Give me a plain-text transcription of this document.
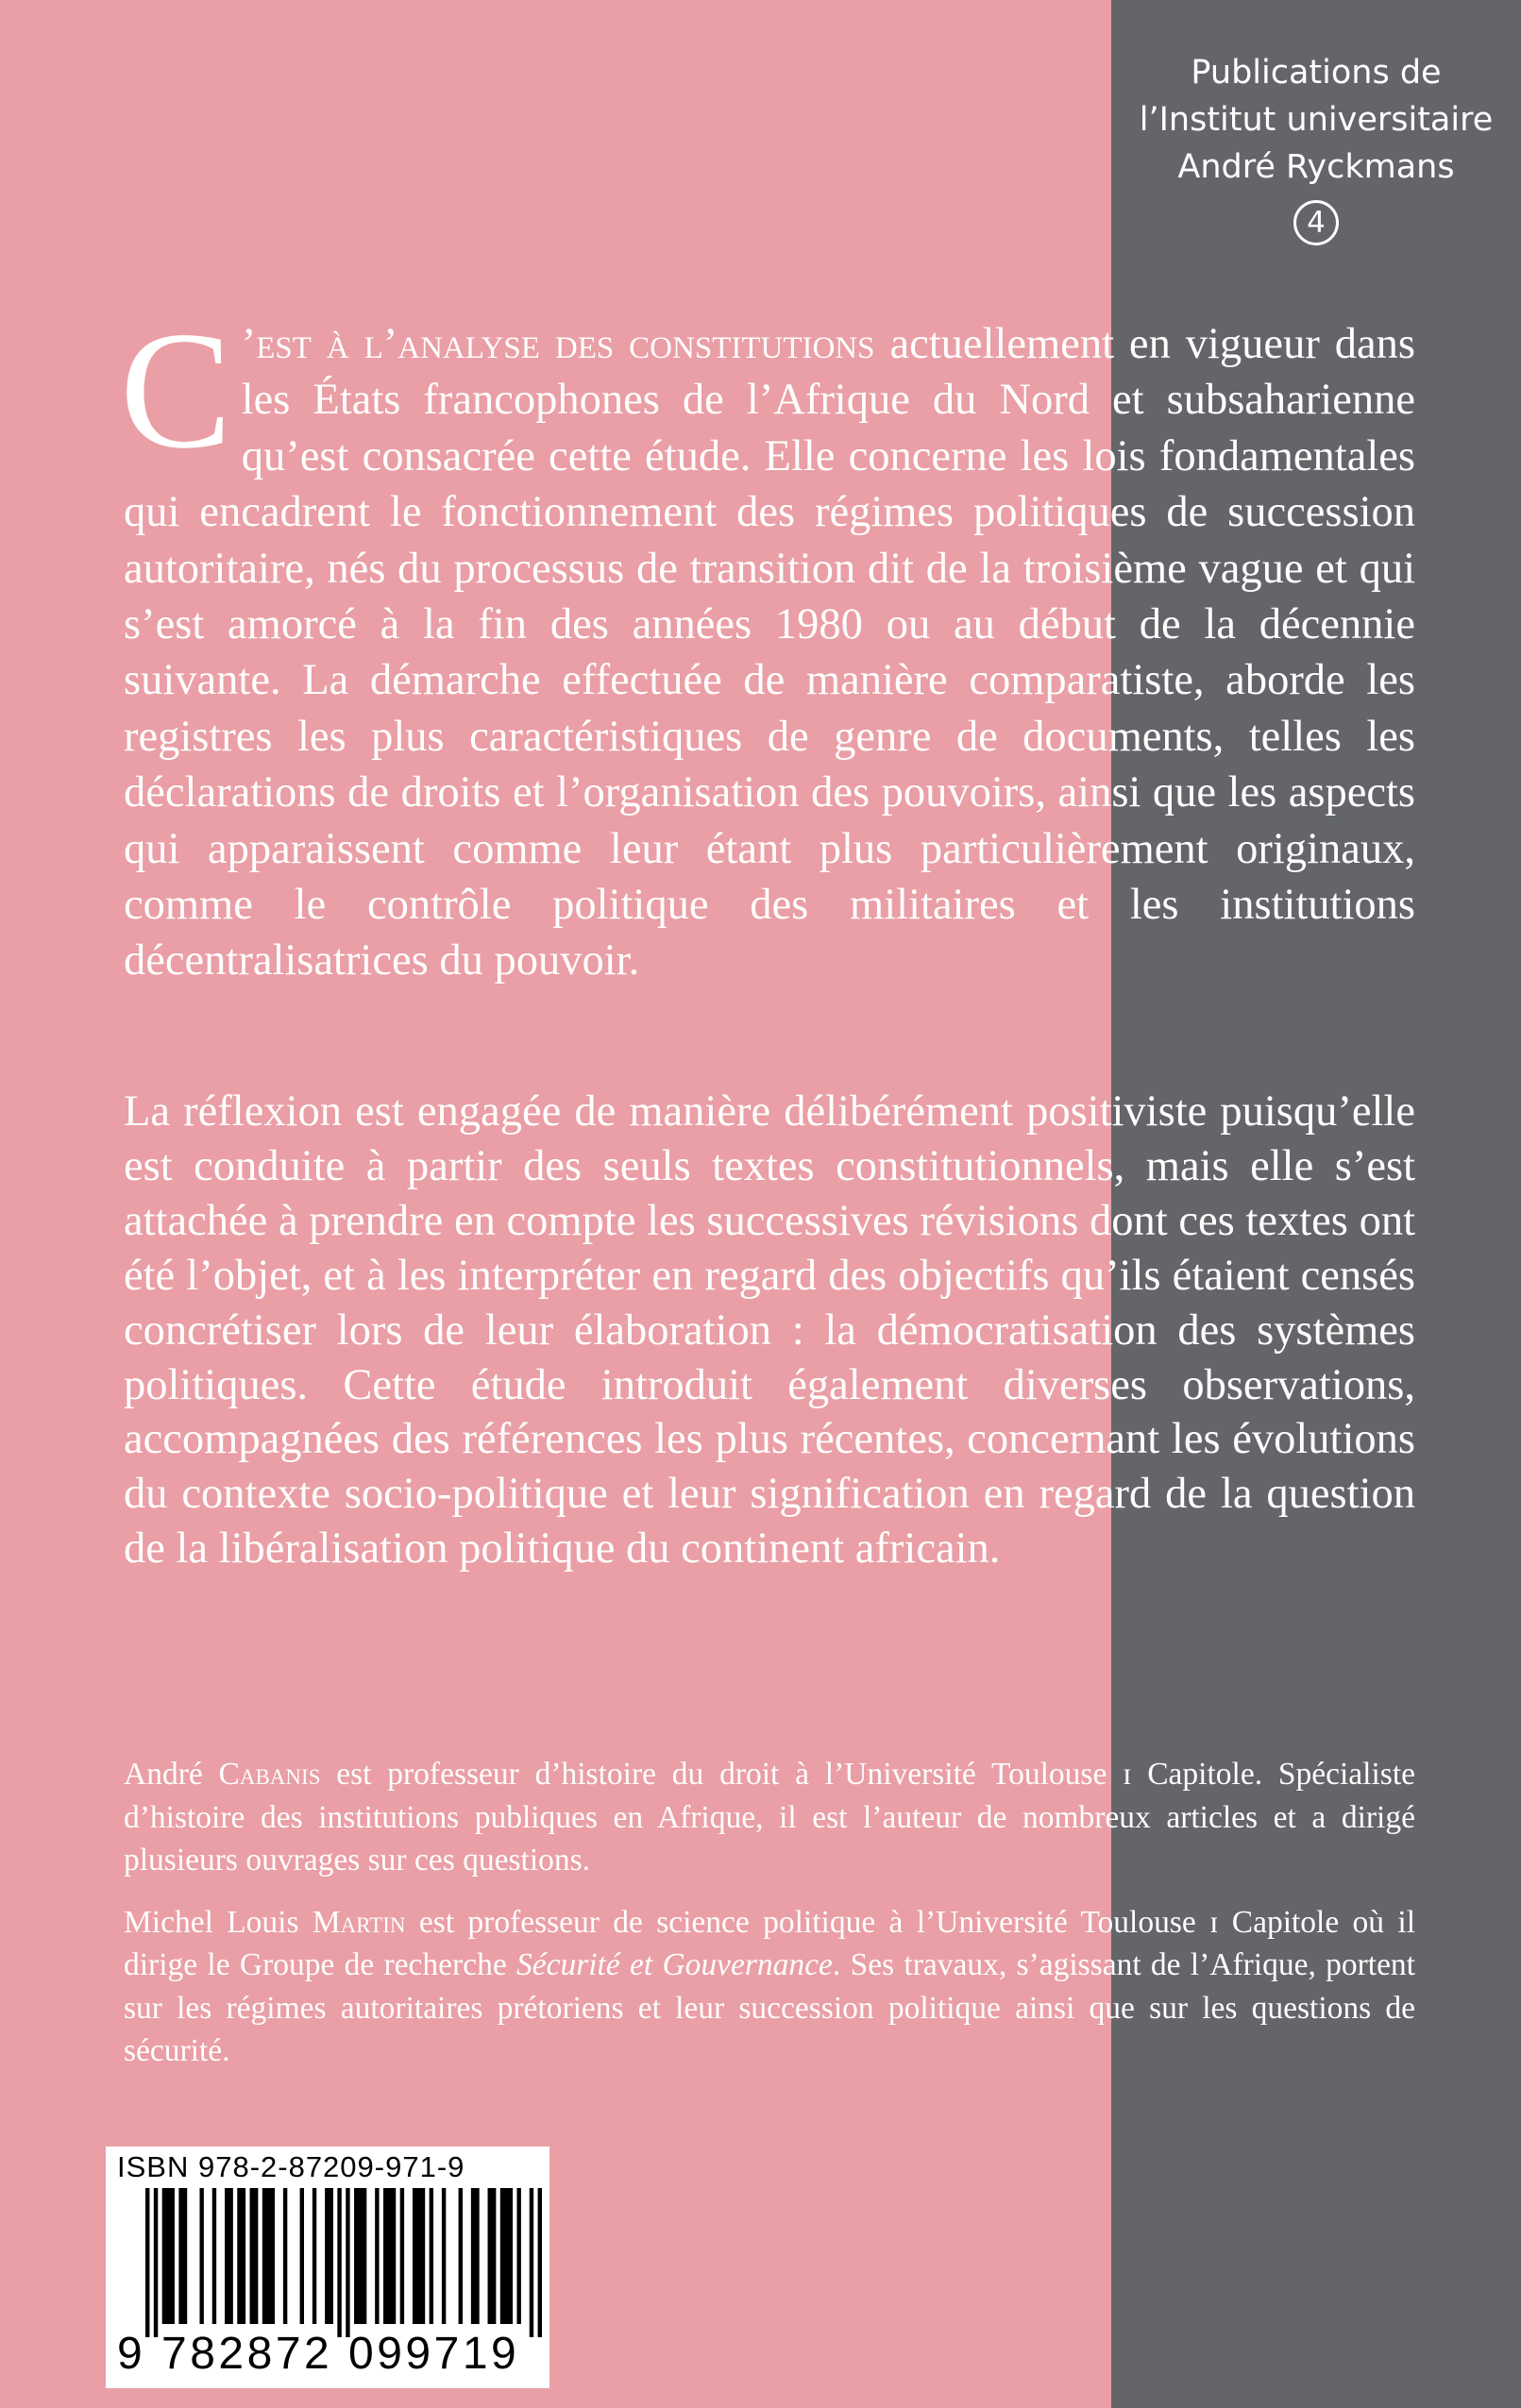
Publications de
l’Institut universitaire
André Ryckmans
4

C ’est à l’analyse des constitutions actuellement en vigueur dans les États francophones de l’Afrique du Nord et subsaharienne qu’est consacrée cette étude. Elle concerne les lois fondamentales qui encadrent le fonctionnement des régimes politiques de succession autoritaire, nés du processus de transition dit de la troisième vague et qui s’est amorcé à la fin des années 1980 ou au début de la décennie suivante. La démarche effectuée de manière comparatiste, aborde les registres les plus caractéristiques de genre de documents, telles les déclarations de droits et l’organisation des pouvoirs, ainsi que les aspects qui apparaissent comme leur étant plus particulièrement originaux, comme le contrôle politique des militaires et les institutions décentralisatrices du pouvoir.

La réflexion est engagée de manière délibérément positiviste puisqu’elle est conduite à partir des seuls textes constitutionnels, mais elle s’est attachée à prendre en compte les successives révisions dont ces textes ont été l’objet, et à les interpréter en regard des objectifs qu’ils étaient censés concrétiser lors de leur élaboration : la démocratisation des systèmes politiques. Cette étude introduit également diverses observations, accompagnées des références les plus récentes, concernant les évolutions du contexte socio-politique et leur signification en regard de la question de la libéralisation politique du continent africain.

André Cabanis est professeur d’histoire du droit à l’Université Toulouse ɪ Capitole. Spécialiste d’histoire des institutions publiques en Afrique, il est l’auteur de nombreux articles et a dirigé plusieurs ouvrages sur ces questions.

Michel Louis Martin est professeur de science politique à l’Université Toulouse ɪ Capitole où il dirige le Groupe de recherche Sécurité et Gouvernance. Ses travaux, s’agissant de l’Afrique, portent sur les régimes autoritaires prétoriens et leur succession politique ainsi que sur les questions de sécurité.

ISBN 978-2-87209-971-9
9 782872 099719
